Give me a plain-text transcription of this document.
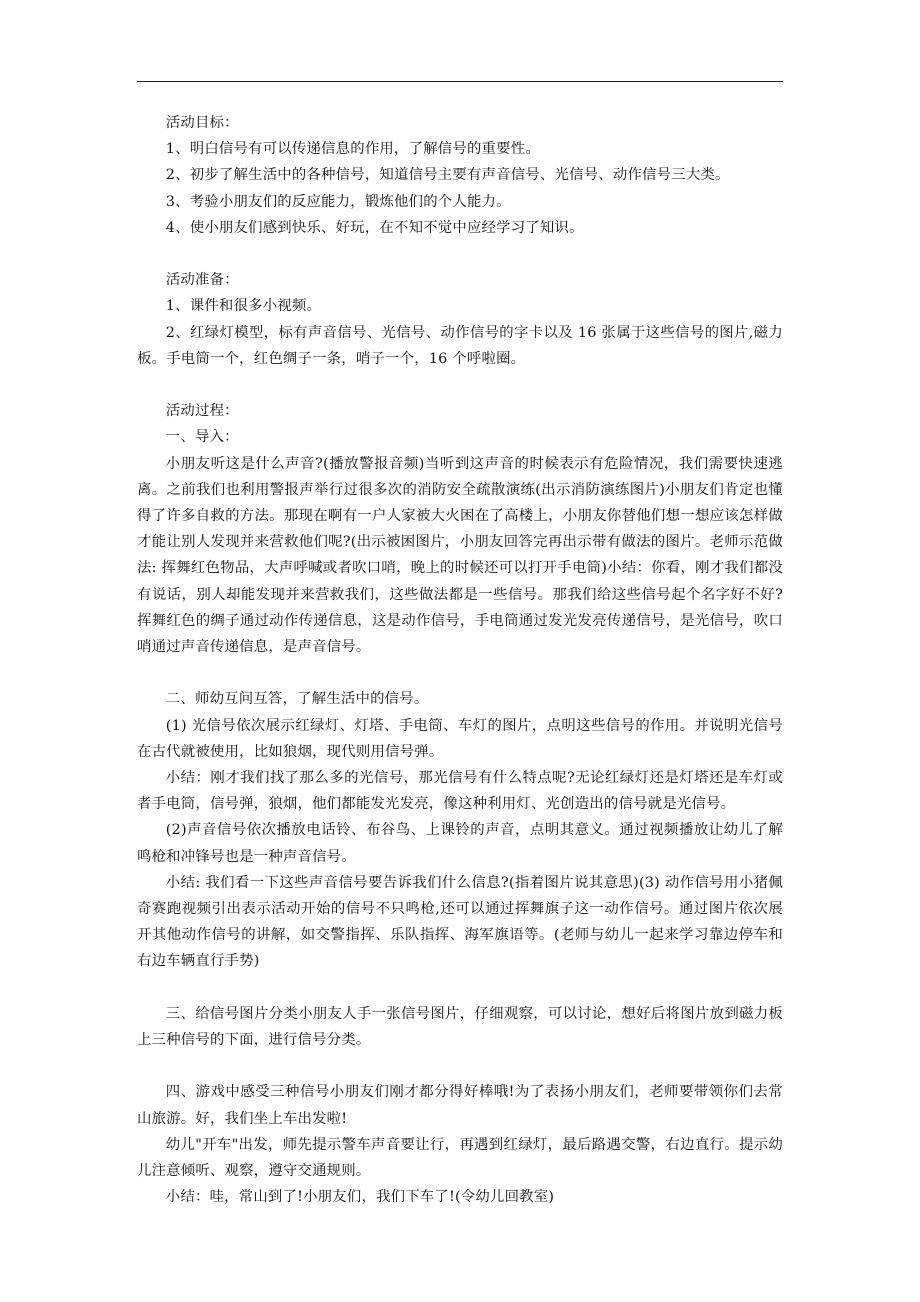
活动目标：

1、明白信号有可以传递信息的作用，了解信号的重要性。

2、初步了解生活中的各种信号，知道信号主要有声音信号、光信号、动作信号三大类。

3、考验小朋友们的反应能力，锻炼他们的个人能力。

4、使小朋友们感到快乐、好玩，在不知不觉中应经学习了知识。

活动准备：

1、课件和很多小视频。

2、红绿灯模型，标有声音信号、光信号、动作信号的字卡以及 16 张属于这些信号的图片,磁力板。手电筒一个，红色绸子一条，哨子一个，16 个呼啦圈。

活动过程：

一、导入：

小朋友听这是什么声音?(播放警报音频)当听到这声音的时候表示有危险情况，我们需要快速逃离。之前我们也利用警报声举行过很多次的消防安全疏散演练(出示消防演练图片)小朋友们肯定也懂得了许多自救的方法。那现在啊有一户人家被大火困在了高楼上，小朋友你替他们想一想应该怎样做才能让别人发现并来营救他们呢?(出示被困图片，小朋友回答完再出示带有做法的图片。老师示范做法: 挥舞红色物品，大声呼喊或者吹口哨，晚上的时候还可以打开手电筒)小结：你看，刚才我们都没有说话，别人却能发现并来营救我们，这些做法都是一些信号。那我们给这些信号起个名字好不好?挥舞红色的绸子通过动作传递信息，这是动作信号，手电筒通过发光发亮传递信号，是光信号，吹口哨通过声音传递信息，是声音信号。

二、师幼互问互答，了解生活中的信号。

(1) 光信号依次展示红绿灯、灯塔、手电筒、车灯的图片，点明这些信号的作用。并说明光信号在古代就被使用，比如狼烟，现代则用信号弹。

小结：刚才我们找了那么多的光信号，那光信号有什么特点呢?无论红绿灯还是灯塔还是车灯或者手电筒，信号弹，狼烟，他们都能发光发亮，像这种利用灯、光创造出的信号就是光信号。

(2)声音信号依次播放电话铃、布谷鸟、上课铃的声音，点明其意义。通过视频播放让幼儿了解鸣枪和冲锋号也是一种声音信号。

小结: 我们看一下这些声音信号要告诉我们什么信息?(指着图片说其意思)(3) 动作信号用小猪佩奇赛跑视频引出表示活动开始的信号不只鸣枪,还可以通过挥舞旗子这一动作信号。通过图片依次展开其他动作信号的讲解，如交警指挥、乐队指挥、海军旗语等。(老师与幼儿一起来学习靠边停车和右边车辆直行手势)

三、给信号图片分类小朋友人手一张信号图片，仔细观察，可以讨论，想好后将图片放到磁力板上三种信号的下面，进行信号分类。

四、游戏中感受三种信号小朋友们刚才都分得好棒哦!为了表扬小朋友们，老师要带领你们去常山旅游。好，我们坐上车出发啦!

幼儿"开车"出发，师先提示警车声音要让行，再遇到红绿灯，最后路遇交警，右边直行。提示幼儿注意倾听、观察，遵守交通规则。

小结：哇，常山到了!小朋友们，我们下车了!(令幼儿回教室)
